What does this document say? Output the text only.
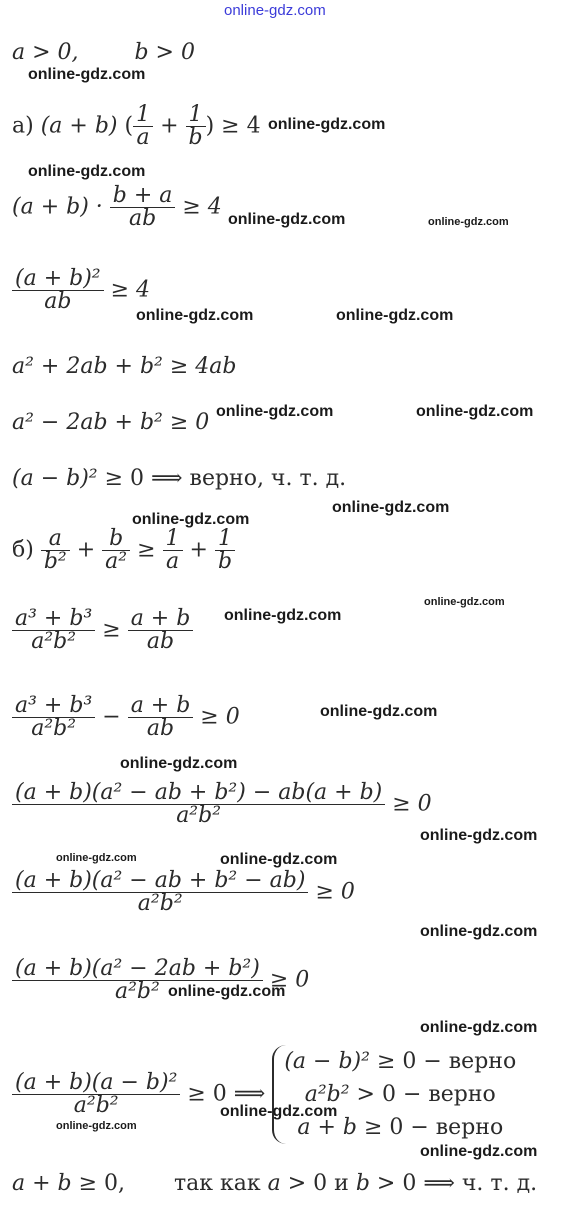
online-gdz.com
a > 0,        b > 0
а) (a + b) ( $\frac{1}{a} + \frac{1}{b}$ ) ≥ 4
$(a + b) \cdot \frac{b + a}{ab} \ge 4$
$\frac{\text{(a + b)²}}{ab} \ge 4$
a² + 2ab + b² ≥ 4ab
a² − 2ab + b² ≥ 0
(a − b)² ≥ 0 ⟹ верно, ч. т. д.
$б) \frac{a}{\text{b²}} + \frac{b}{\text{a²}} \ge \frac{1}{a} + \frac{1}{b}$
$\frac{\text{a³ + b³}}{\text{a²b²}} \ge \frac{a + b}{ab}$
$\frac{\text{a³ + b³}}{\text{a²b²}} - \frac{a + b}{ab} \ge 0$
$\frac{\text{(a + b)(a² − ab + b²) − ab(a + b)}}{\text{a²b²}} \ge 0$
$\frac{\text{(a + b)(a² − ab + b² − ab)}}{\text{a²b²}} \ge 0$
$\frac{\text{(a + b)(a² − 2ab + b²)}}{\text{a²b²}} \ge 0$
$\frac{\text{(a + b)(a − b)²}}{\text{a²b²}} \ge 0$ ⟹
(a − b)² ≥ 0 − верно
a²b² > 0 − верно
a + b ≥ 0 − верно
a + b ≥ 0,       так как a > 0 и b > 0 ⟹ ч. т. д.
online-gdz.com
online-gdz.com
online-gdz.com
online-gdz.com	online-gdz.com
online-gdz.com	online-gdz.com
online-gdz.com	online-gdz.com
online-gdz.com
online-gdz.com
online-gdz.com
online-gdz.com
online-gdz.com
online-gdz.com
online-gdz.com
online-gdz.com	online-gdz.com
online-gdz.com
online-gdz.com
online-gdz.com
online-gdz.com
online-gdz.com
online-gdz.com
